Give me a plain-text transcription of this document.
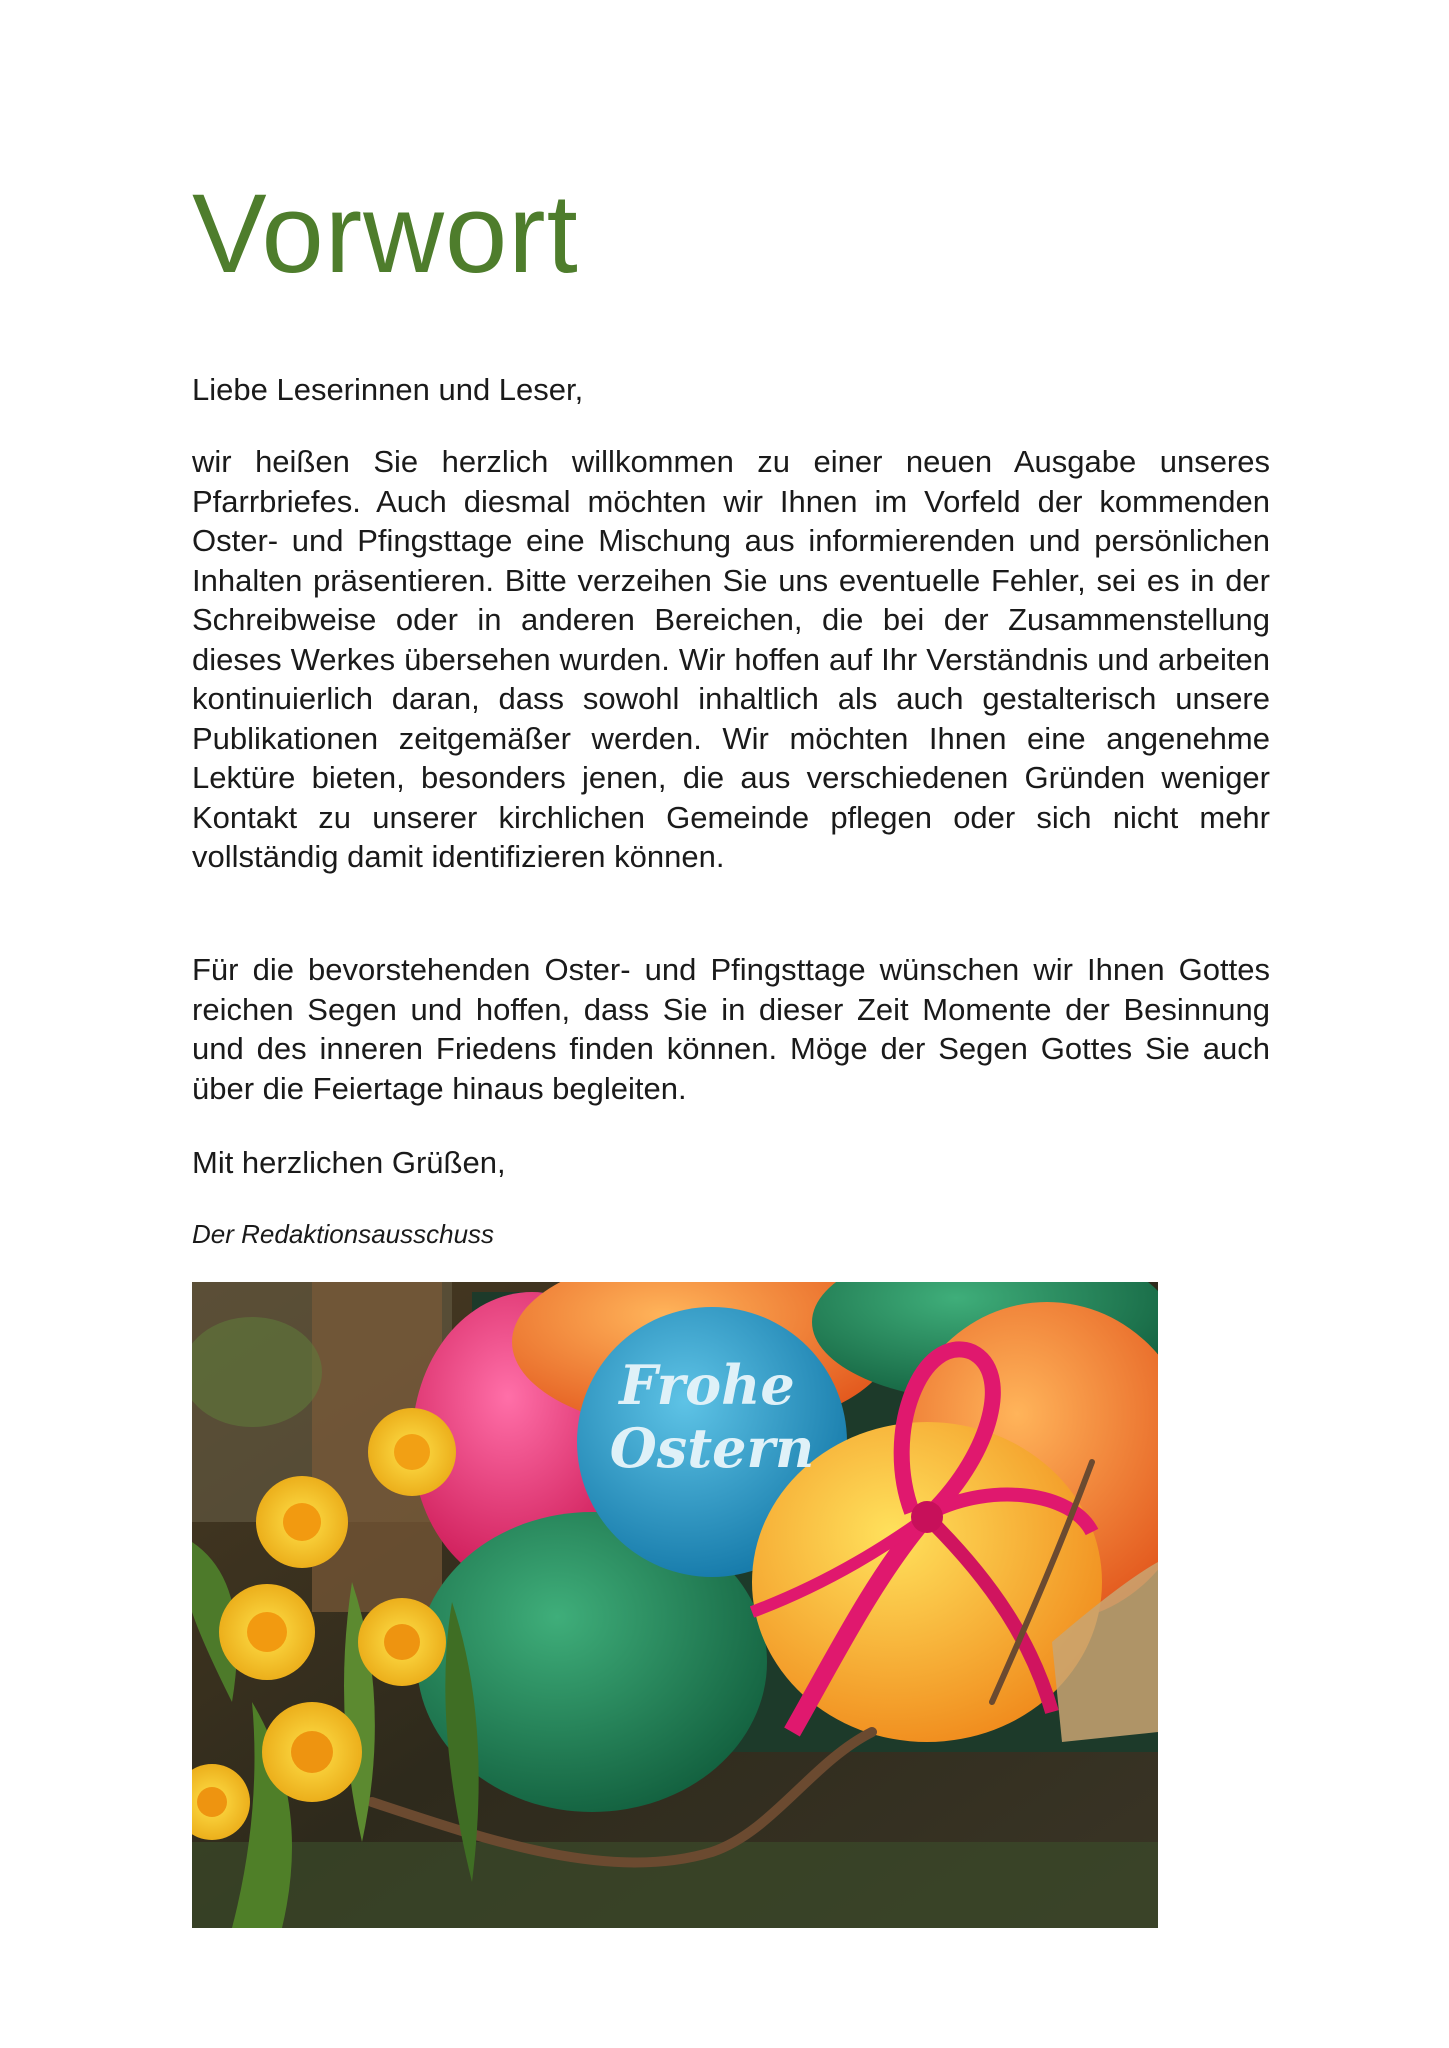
Vorwort

Liebe Leserinnen und Leser,

wir heißen Sie herzlich willkommen zu einer neuen Ausgabe unseres Pfarrbriefes. Auch diesmal möchten wir Ihnen im Vorfeld der kommenden Oster- und Pfingsttage eine Mischung aus informierenden und persönlichen Inhalten präsentieren. Bitte verzeihen Sie uns eventuelle Fehler, sei es in der Schreibweise oder in anderen Bereichen, die bei der Zusammenstellung dieses Werkes übersehen wurden. Wir hoffen auf Ihr Verständnis und arbeiten kontinuierlich daran, dass sowohl inhaltlich als auch gestalterisch unsere Publikationen zeitgemäßer werden. Wir möchten Ihnen eine angenehme Lektüre bieten, besonders jenen, die aus verschiedenen Gründen weniger Kontakt zu unserer kirchlichen Gemeinde pflegen oder sich nicht mehr vollständig damit identifizieren können.

Für die bevorstehenden Oster- und Pfingsttage wünschen wir Ihnen Gottes reichen Segen und hoffen, dass Sie in dieser Zeit Momente der Besinnung und des inneren Friedens finden können. Möge der Segen Gottes Sie auch über die Feiertage hinaus begleiten.

Mit herzlichen Grüßen,

Der Redaktionsausschuss

Frohe
Ostern
